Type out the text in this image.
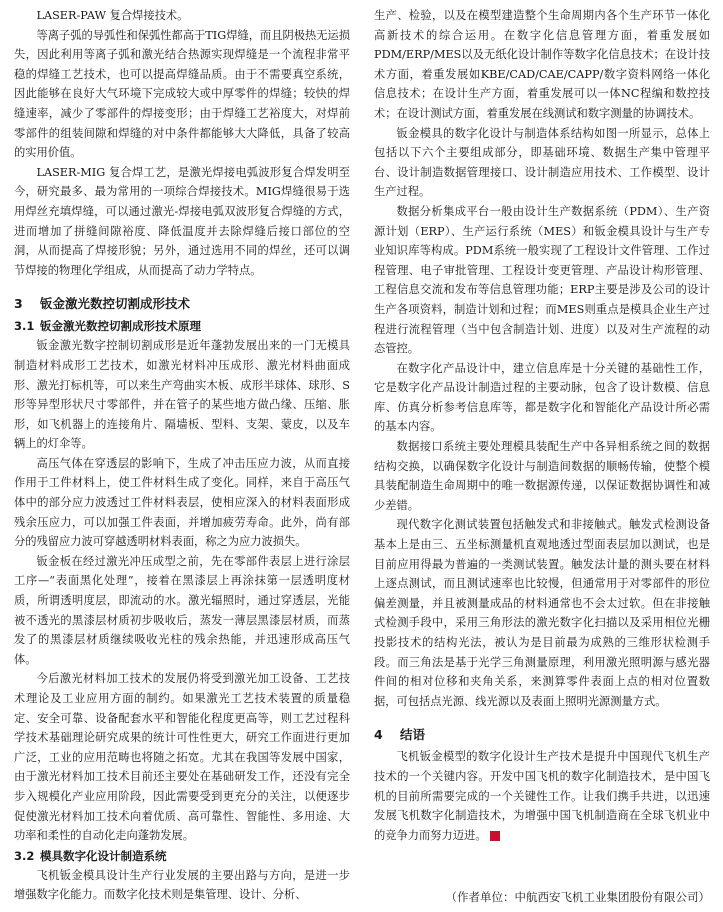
LASER-PAW 复合焊接技术。

等离子弧的导弧性和保弧性都高于TIG焊缝，而且阴极热无运损失，因此利用等离子弧和激光结合热源实现焊缝是一个流程非常平稳的焊缝工艺技术，也可以提高焊缝品质。由于不需要真空系统，因此能够在良好大气环境下完成较大或中厚零件的焊缝；较快的焊缝速率，减少了零部件的焊接变形；由于焊缝工艺裕度大，对焊前零部件的组装间隙和焊缝的对中条件都能够大大降低，具备了较高的实用价值。

LASER-MIG 复合焊工艺，是激光焊接电弧波形复合焊发明至今，研究最多、最为常用的一项综合焊接技术。MIG焊缝很易于选用焊丝充填焊缝，可以通过激光-焊接电弧双波形复合焊缝的方式，进而增加了拼缝间隙裕度、降低温度并去除焊缝后接口部位的空洞，从而提高了焊接形貌；另外，通过选用不同的焊丝，还可以调节焊接的物理化学组成，从而提高了动力学特点。

3 钣金激光数控切割成形技术
3.1 钣金激光数控切割成形技术原理

钣金激光数字控制切割成形是近年蓬勃发展出来的一门无模具制造材料成形工艺技术，如激光材料冲压成形、激光材料曲面成形、激光打标机等，可以来生产弯曲实木板、成形半球体、球形、S形等异型形状尺寸零部件，并在管子的某些地方做凸缘、压缩、胀形，如飞机器上的连接角片、隔墙板、型料、支架、蒙皮，以及车辆上的灯伞等。

高压气体在穿透层的影响下，生成了冲击压应力波，从而直接作用于工件材料上，使工件材料生成了变化。同样，来自于高压气体中的部分应力波透过工件材料表层，使相应深入的材料表面形成残余压应力，可以加强工件表面，并增加疲劳寿命。此外，尚有部分的残留应力波可穿越透明材料表面，称之为应力波损失。

钣金板在经过激光冲压成型之前，先在零部件表层上进行涂层工序—“表面黑化处理”，接着在黑漆层上再涂抹第一层透明度材质，所谓透明度层，即流动的水。激光辐照时，通过穿透层，光能被不透光的黑漆层材质初步吸收后，蒸发一薄层黑漆层材质，而蒸发了的黑漆层材质继续吸收光柱的残余热能，并迅速形成高压气体。

今后激光材料加工技术的发展仍将受到激光加工设备、工艺技术理论及工业应用方面的制约。如果激光工艺技术装置的质量稳定、安全可靠、设备配套水平和智能化程度更高等，则工艺过程科学技术基础理论研究成果的统计可性性更大，研究工作面进行更加广泛，工业的应用范畴也将随之拓宽。尤其在我国等发展中国家，由于激光材料加工技术目前还主要处在基础研发工作，还没有完全步入规模化产业应用阶段，因此需要受到更充分的关注，以便逐步促使激光材料加工技术向着优质、高可靠性、智能性、多用途、大功率和柔性的自动化走向蓬勃发展。

3.2 模具数字化设计制造系统

飞机钣金模具设计生产行业发展的主要出路与方向，是进一步增强数字化能力。而数字化技术则是集管理、设计、分析、

生产、检验，以及在模型建造整个生命周期内各个生产环节一体化高新技术的综合运用。在数字化信息管理方面，着重发展如PDM/ERP/MES以及无纸化设计制作等数字化信息技术；在设计技术方面，着重发展如KBE/CAD/CAE/CAPP/数字资料网络一体化信息技术；在设计生产方面，着重发展可以一体NC程编和数控技术；在设计测试方面，着重发展在线测试和数字测量的协调技术。

钣金模具的数字化设计与制造体系结构如图一所显示，总体上包括以下六个主要组成部分，即基础环境、数据生产集中管理平台、设计制造数据管理接口、设计制造应用技术、工作模型、设计生产过程。

数据分析集成平台一般由设计生产数据系统（PDM）、生产资源计划（ERP）、生产运行系统（MES）和钣金模具设计与生产专业知识库等构成。PDM系统一般实现了工程设计文件管理、工作过程管理、电子审批管理、工程设计变更管理、产品设计构形管理、工程信息交流和发布等信息管理功能；ERP主要是涉及公司的设计生产各项资料，制造计划和过程；而MES则重点是模具企业生产过程进行流程管理（当中包含制造计划、进度）以及对生产流程的动态管控。

在数字化产品设计中，建立信息库是十分关键的基础性工作，它是数字化产品设计制造过程的主要动脉，包含了设计数模、信息库、仿真分析参考信息库等，都是数字化和智能化产品设计所必需的基本内容。

数据接口系统主要处理模具装配生产中各异相系统之间的数据结构交换，以确保数字化设计与制造间数据的顺畅传输，使整个模具装配制造生命周期中的唯一数据源传递，以保证数据协调性和减少差错。

现代数字化测试装置包括触发式和非接触式。触发式检测设备基本上是由三、五坐标测量机直观地透过型面表层加以测试，也是目前应用得最为普遍的一类测试装置。触发法计量的测头要在材料上逐点测试，而且测试速率也比较慢，但通常用于对零部件的形位偏差测量，并且被测量成品的材料通常也不会太过软。但在非接触式检测手段中，采用三角形法的激光数字化扫描以及采用相位光栅投影技术的结构光法，被认为是目前最为成熟的三维形状检测手段。而三角法是基于光学三角测量原理，利用激光照明源与感光器件间的相对位移和夹角关系，来测算零件表面上点的相对位置数据，可包括点光源、线光源以及表面上照明光源测量方式。

4 结语

飞机钣金模型的数字化设计生产技术是提升中国现代飞机生产技术的一个关键内容。开发中国飞机的数字化制造技术，是中国飞机的目前所需要完成的一个关键性工作。让我们携手共进，以迅速发展飞机数字化制造技术，为增强中国飞机制造商在全球飞机业中的竞争力而努力迈进。	期

（作者单位：中航西安飞机工业集团股份有限公司）
